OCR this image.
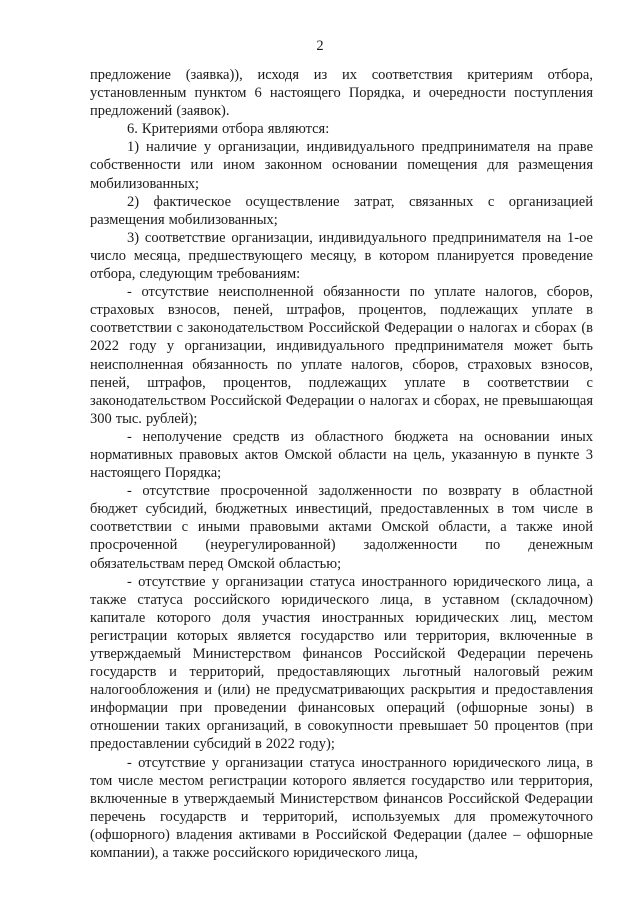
2

предложение (заявка)), исходя из их соответствия критериям отбора, установленным пунктом 6 настоящего Порядка, и очередности поступления предложений (заявок).

6. Критериями отбора являются:

1) наличие у организации, индивидуального предпринимателя на праве собственности или ином законном основании помещения для размещения мобилизованных;

2) фактическое осуществление затрат, связанных с организацией размещения мобилизованных;

3) соответствие организации, индивидуального предпринимателя на 1-ое число месяца, предшествующего месяцу, в котором планируется проведение отбора, следующим требованиям:

- отсутствие неисполненной обязанности по уплате налогов, сборов, страховых взносов, пеней, штрафов, процентов, подлежащих уплате в соответствии с законодательством Российской Федерации о налогах и сборах (в 2022 году у организации, индивидуального предпринимателя может быть неисполненная обязанность по уплате налогов, сборов, страховых взносов, пеней, штрафов, процентов, подлежащих уплате в соответствии с законодательством Российской Федерации о налогах и сборах, не превышающая 300 тыс. рублей);

- неполучение средств из областного бюджета на основании иных нормативных правовых актов Омской области на цель, указанную в пункте 3 настоящего Порядка;

- отсутствие просроченной задолженности по возврату в областной бюджет субсидий, бюджетных инвестиций, предоставленных в том числе в соответствии с иными правовыми актами Омской области, а также иной просроченной (неурегулированной) задолженности по денежным обязательствам перед Омской областью;

- отсутствие у организации статуса иностранного юридического лица, а также статуса российского юридического лица, в уставном (складочном) капитале которого доля участия иностранных юридических лиц, местом регистрации которых является государство или территория, включенные в утверждаемый Министерством финансов Российской Федерации перечень государств и территорий, предоставляющих льготный налоговый режим налогообложения и (или) не предусматривающих раскрытия и предоставления информации при проведении финансовых операций (офшорные зоны) в отношении таких организаций, в совокупности превышает 50 процентов (при предоставлении субсидий в 2022 году);

- отсутствие у организации статуса иностранного юридического лица, в том числе местом регистрации которого является государство или территория, включенные в утверждаемый Министерством финансов Российской Федерации перечень государств и территорий, используемых для промежуточного (офшорного) владения активами в Российской Федерации (далее – офшорные компании), а также российского юридического лица,
